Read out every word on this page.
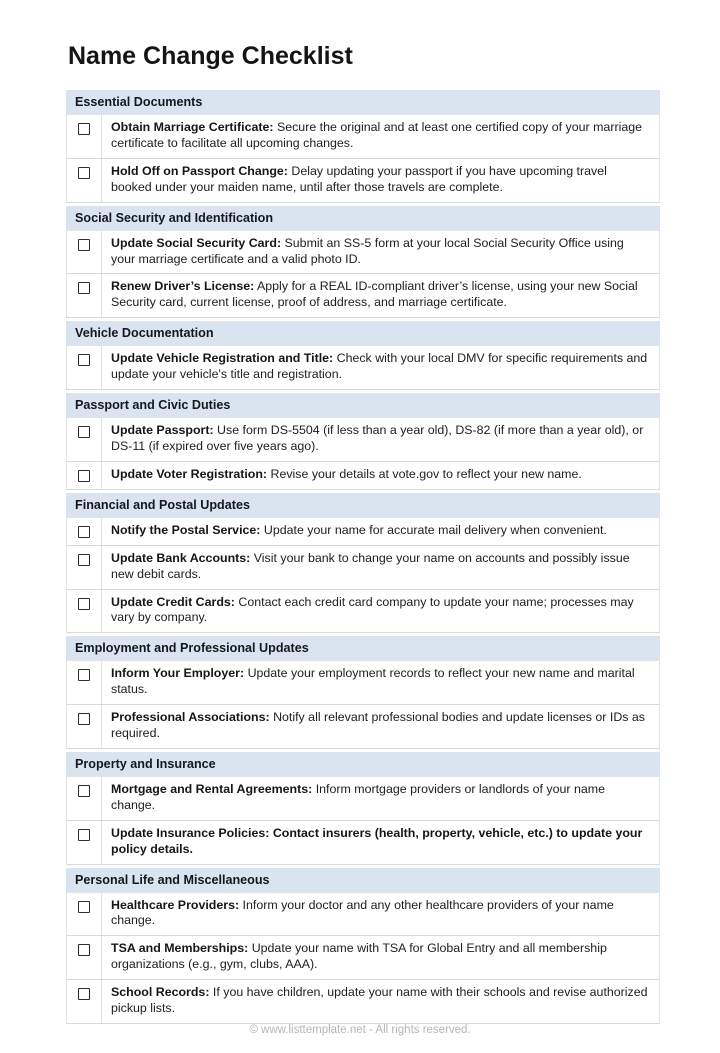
Name Change Checklist
Essential Documents
Obtain Marriage Certificate: Secure the original and at least one certified copy of your marriage certificate to facilitate all upcoming changes.
Hold Off on Passport Change: Delay updating your passport if you have upcoming travel booked under your maiden name, until after those travels are complete.
Social Security and Identification
Update Social Security Card: Submit an SS-5 form at your local Social Security Office using your marriage certificate and a valid photo ID.
Renew Driver’s License: Apply for a REAL ID-compliant driver’s license, using your new Social Security card, current license, proof of address, and marriage certificate.
Vehicle Documentation
Update Vehicle Registration and Title: Check with your local DMV for specific requirements and update your vehicle's title and registration.
Passport and Civic Duties
Update Passport: Use form DS-5504 (if less than a year old), DS-82 (if more than a year old), or DS-11 (if expired over five years ago).
Update Voter Registration: Revise your details at vote.gov to reflect your new name.
Financial and Postal Updates
Notify the Postal Service: Update your name for accurate mail delivery when convenient.
Update Bank Accounts: Visit your bank to change your name on accounts and possibly issue new debit cards.
Update Credit Cards: Contact each credit card company to update your name; processes may vary by company.
Employment and Professional Updates
Inform Your Employer: Update your employment records to reflect your new name and marital status.
Professional Associations: Notify all relevant professional bodies and update licenses or IDs as required.
Property and Insurance
Mortgage and Rental Agreements: Inform mortgage providers or landlords of your name change.
Update Insurance Policies: Contact insurers (health, property, vehicle, etc.) to update your policy details.
Personal Life and Miscellaneous
Healthcare Providers: Inform your doctor and any other healthcare providers of your name change.
TSA and Memberships: Update your name with TSA for Global Entry and all membership organizations (e.g., gym, clubs, AAA).
School Records: If you have children, update your name with their schools and revise authorized pickup lists.
© www.listtemplate.net - All rights reserved.
